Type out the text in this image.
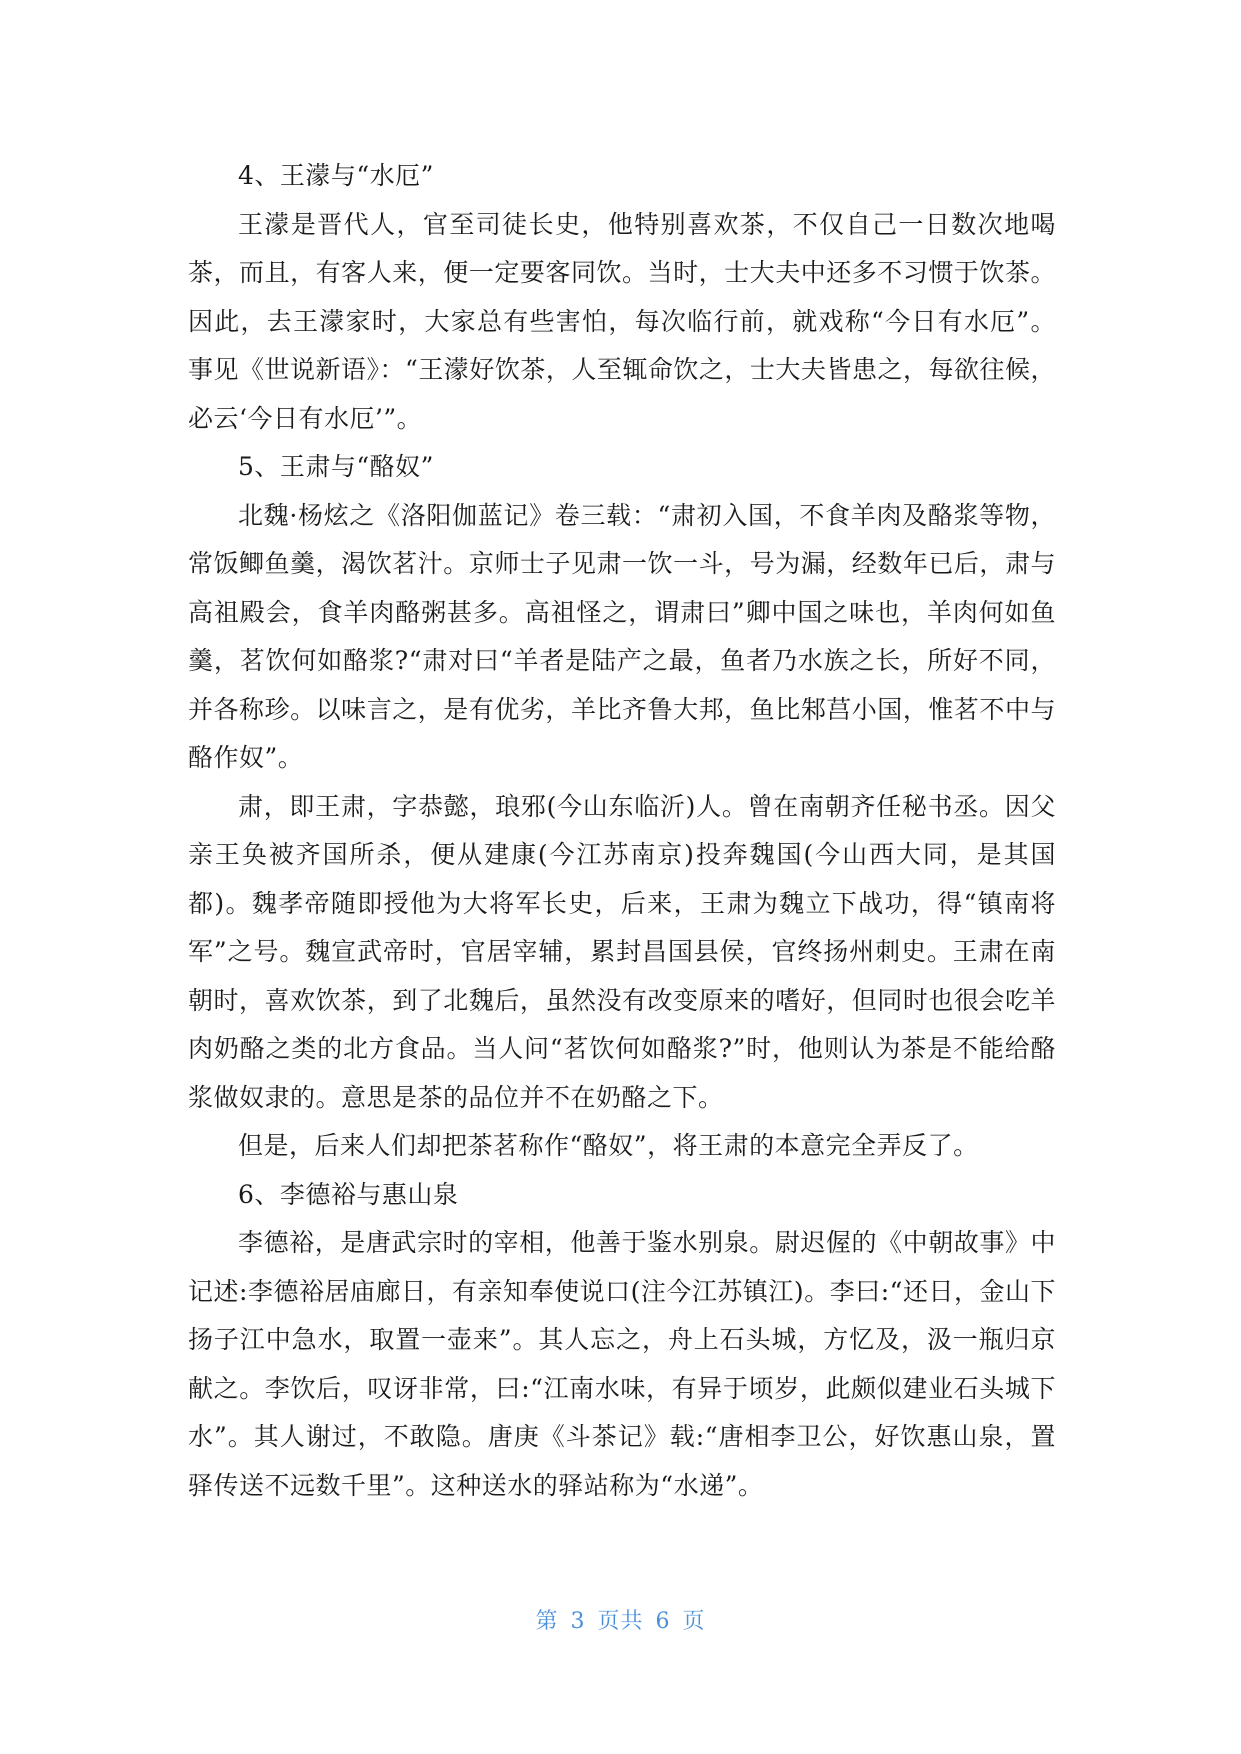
4、王濛与“水厄”

王濛是晋代人，官至司徒长史，他特别喜欢茶，不仅自己一日数次地喝茶，而且，有客人来，便一定要客同饮。当时，士大夫中还多不习惯于饮茶。因此，去王濛家时，大家总有些害怕，每次临行前，就戏称“今日有水厄”。事见《世说新语》：“王濛好饮茶，人至辄命饮之，士大夫皆患之，每欲往候，必云‘今日有水厄’”。

5、王肃与“酪奴”

北魏·杨炫之《洛阳伽蓝记》卷三载：“肃初入国，不食羊肉及酪浆等物，常饭鲫鱼羹，渴饮茗汁。京师士子见肃一饮一斗，号为漏，经数年已后，肃与高祖殿会，食羊肉酪粥甚多。高祖怪之，谓肃曰”卿中国之味也，羊肉何如鱼羹，茗饮何如酪浆?“肃对曰“羊者是陆产之最，鱼者乃水族之长，所好不同，并各称珍。以味言之，是有优劣，羊比齐鲁大邦，鱼比邾莒小国，惟茗不中与酪作奴”。

肃，即王肃，字恭懿，琅邪(今山东临沂)人。曾在南朝齐任秘书丞。因父亲王奂被齐国所杀，便从建康(今江苏南京)投奔魏国(今山西大同，是其国都)。魏孝帝随即授他为大将军长史，后来，王肃为魏立下战功，得“镇南将军”之号。魏宣武帝时，官居宰辅，累封昌国县侯，官终扬州刺史。王肃在南朝时，喜欢饮茶，到了北魏后，虽然没有改变原来的嗜好，但同时也很会吃羊肉奶酪之类的北方食品。当人问“茗饮何如酪浆?”时，他则认为茶是不能给酪浆做奴隶的。意思是茶的品位并不在奶酪之下。

但是，后来人们却把茶茗称作“酪奴”，将王肃的本意完全弄反了。

6、李德裕与惠山泉

李德裕，是唐武宗时的宰相，他善于鉴水别泉。尉迟偓的《中朝故事》中记述:李德裕居庙廊日，有亲知奉使说口(注今江苏镇江)。李曰:“还日，金山下扬子江中急水，取置一壶来”。其人忘之，舟上石头城，方忆及，汲一瓶归京献之。李饮后，叹讶非常，曰:“江南水味，有异于顷岁，此颇似建业石头城下水”。其人谢过，不敢隐。唐庚《斗茶记》载:“唐相李卫公，好饮惠山泉，置驿传送不远数千里”。这种送水的驿站称为“水递”。

第 3 页共 6 页
